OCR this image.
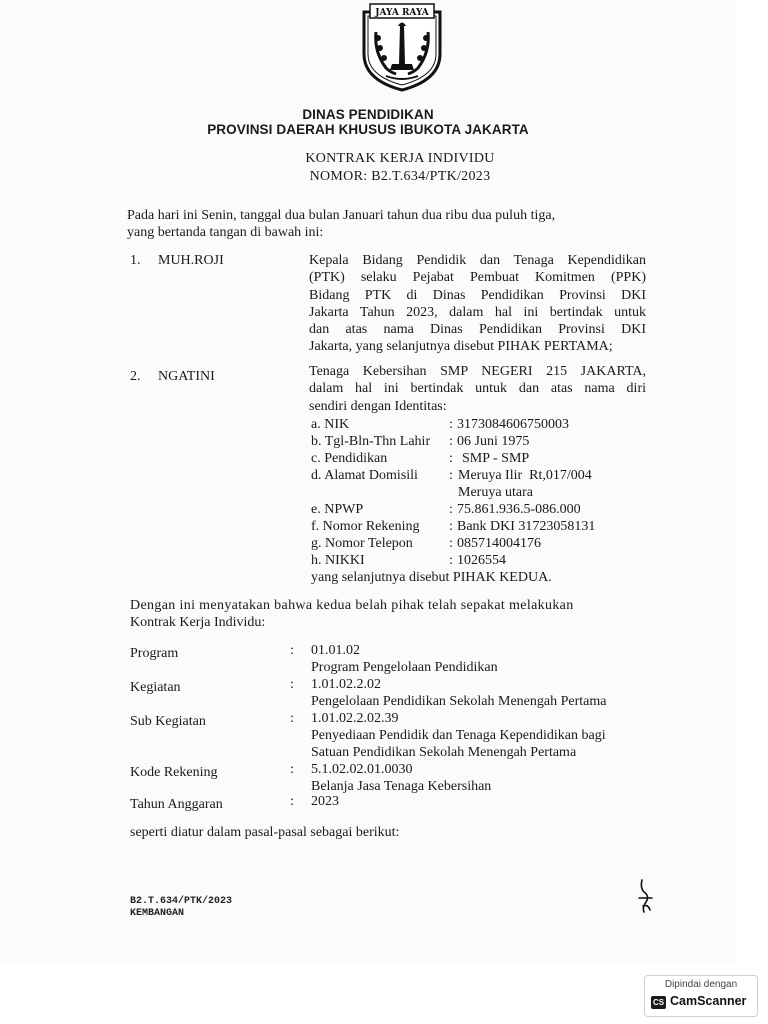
JAYA RAYA
DINAS PENDIDIKAN
PROVINSI DAERAH KHUSUS IBUKOTA JAKARTA
KONTRAK KERJA INDIVIDU
NOMOR: B2.T.634/PTK/2023
Pada hari ini Senin, tanggal dua bulan Januari tahun dua ribu dua puluh tiga,
yang bertanda tangan di bawah ini:
1. MUH.ROJI	Kepala Bidang Pendidik dan Tenaga Kependidikan
(PTK) selaku Pejabat Pembuat Komitmen (PPK)
Bidang PTK di Dinas Pendidikan Provinsi DKI
Jakarta Tahun 2023, dalam hal ini bertindak untuk
dan atas nama Dinas Pendidikan Provinsi DKI
Jakarta, yang selanjutnya disebut PIHAK PERTAMA;
2. NGATINI	Tenaga Kebersihan SMP NEGERI 215 JAKARTA,
dalam hal ini bertindak untuk dan atas nama diri
sendiri dengan Identitas:
a. NIK	: 3173084606750003
b. Tgl-Bln-Thn Lahir : 06 Juni 1975
c. Pendidikan	: SMP - SMP
d. Alamat Domisili : Meruya Ilir  Rt,017/004
Meruya utara
e. NPWP	: 75.861.936.5-086.000
f. Nomor Rekening : Bank DKI 31723058131
g. Nomor Telepon	: 085714004176
h. NIKKI	: 1026554
yang selanjutnya disebut PIHAK KEDUA.
Dengan ini menyatakan bahwa kedua belah pihak telah sepakat melakukan
Kontrak Kerja Individu:
Program	: 01.01.02
Program Pengelolaan Pendidikan
Kegiatan	: 1.01.02.2.02
Pengelolaan Pendidikan Sekolah Menengah Pertama
Sub Kegiatan	: 1.01.02.2.02.39
Penyediaan Pendidik dan Tenaga Kependidikan bagi
Satuan Pendidikan Sekolah Menengah Pertama
Kode Rekening	: 5.1.02.02.01.0030
Belanja Jasa Tenaga Kebersihan
Tahun Anggaran	: 2023
seperti diatur dalam pasal-pasal sebagai berikut:
B2.T.634/PTK/2023
KEMBANGAN
Dipindai dengan
CS CamScanner
